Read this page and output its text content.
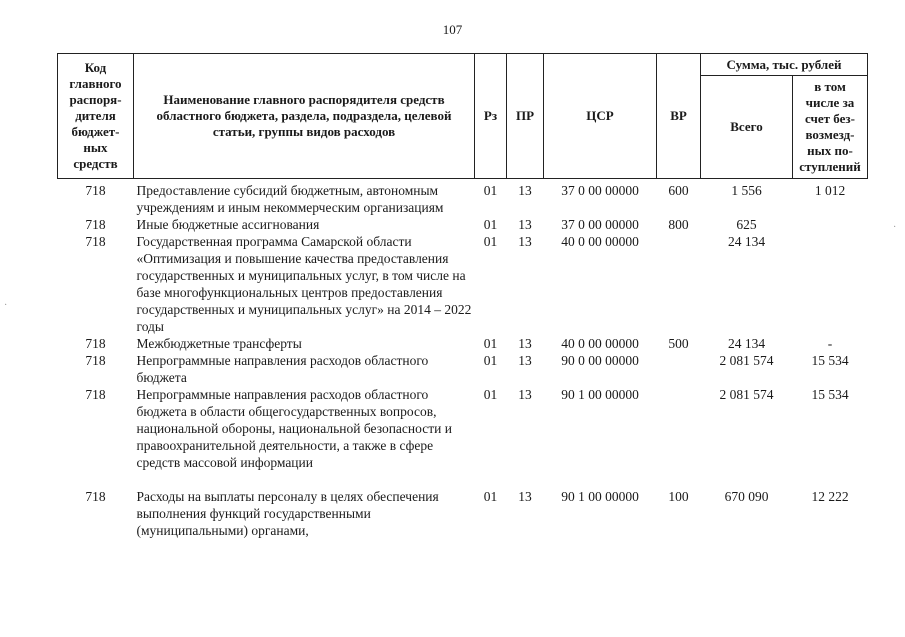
107
·
·
Код главного распоря-дителя бюджет-ных средств	Наименование главного распорядителя средств областного бюджета, раздела, подраздела, целевой статьи, группы видов расходов	Рз	ПР	ЦСР	ВР	Сумма, тыс. рублей	
						Всего	в том числе за счет без-возмезд-ных по-ступлений
718	Предоставление субсидий бюджетным, автономным учреждениям и иным некоммерческим организациям	01	13	37 0 00 00000	600	1 556	1 012
718	Иные бюджетные ассигнования	01	13	37 0 00 00000	800	625	
718	Государственная программа Самарской области «Оптимизация и повышение качества предоставления государственных и муниципальных услуг, в том числе на базе многофункциональных центров предоставления государственных и муниципальных услуг» на 2014 – 2022 годы	01	13	40 0 00 00000		24 134	
718	Межбюджетные трансферты	01	13	40 0 00 00000	500	24 134	-
718	Непрограммные направления расходов областного бюджета	01	13	90 0 00 00000		2 081 574	15 534
718	Непрограммные направления расходов областного бюджета в области общегосударственных вопросов, национальной обороны, национальной безопасности и правоохранительной деятельности, а также в сфере средств массовой информации	01	13	90 1 00 00000		2 081 574	15 534

718	Расходы на выплаты персоналу в целях обеспечения выполнения функций государственными (муниципальными) органами,	01	13	90 1 00 00000	100	670 090	12 222
